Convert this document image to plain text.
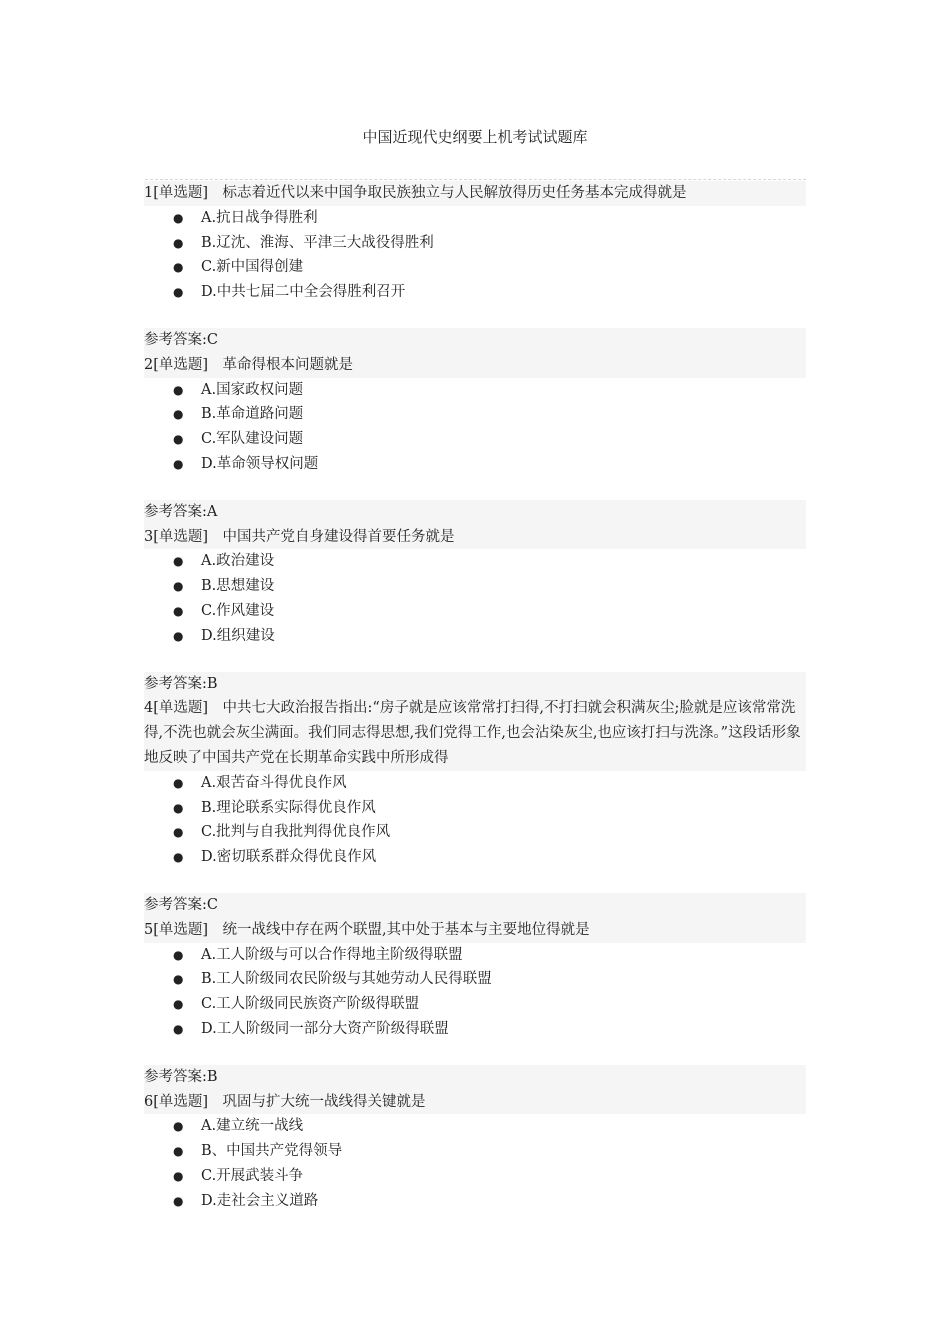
中国近现代史纲要上机考试试题库
1[单选题]　 标志着近代以来中国争取民族独立与人民解放得历史任务基本完成得就是
● A.抗日战争得胜利
● B.辽沈、淮海、平津三大战役得胜利
● C.新中国得创建
● D.中共七届二中全会得胜利召开
参考答案:C
2[单选题]　 革命得根本问题就是
● A.国家政权问题
● B.革命道路问题
● C.军队建设问题
● D.革命领导权问题
参考答案:A
3[单选题]　 中国共产党自身建设得首要任务就是
● A.政治建设
● B.思想建设
● C.作风建设
● D.组织建设
参考答案:B
4[单选题]　 中共七大政治报告指出:“房子就是应该常常打扫得,不打扫就会积满灰尘;脸就是应该常常洗得,不洗也就会灰尘满面。我们同志得思想,我们党得工作,也会沾染灰尘,也应该打扫与洗涤。”这段话形象地反映了中国共产党在长期革命实践中所形成得
● A.艰苦奋斗得优良作风
● B.理论联系实际得优良作风
● C.批判与自我批判得优良作风
● D.密切联系群众得优良作风
参考答案:C
5[单选题]　 统一战线中存在两个联盟,其中处于基本与主要地位得就是
● A.工人阶级与可以合作得地主阶级得联盟
● B.工人阶级同农民阶级与其她劳动人民得联盟
● C.工人阶级同民族资产阶级得联盟
● D.工人阶级同一部分大资产阶级得联盟
参考答案:B
6[单选题]　 巩固与扩大统一战线得关键就是
● A.建立统一战线
● B、中国共产党得领导
● C.开展武装斗争
● D.走社会主义道路
